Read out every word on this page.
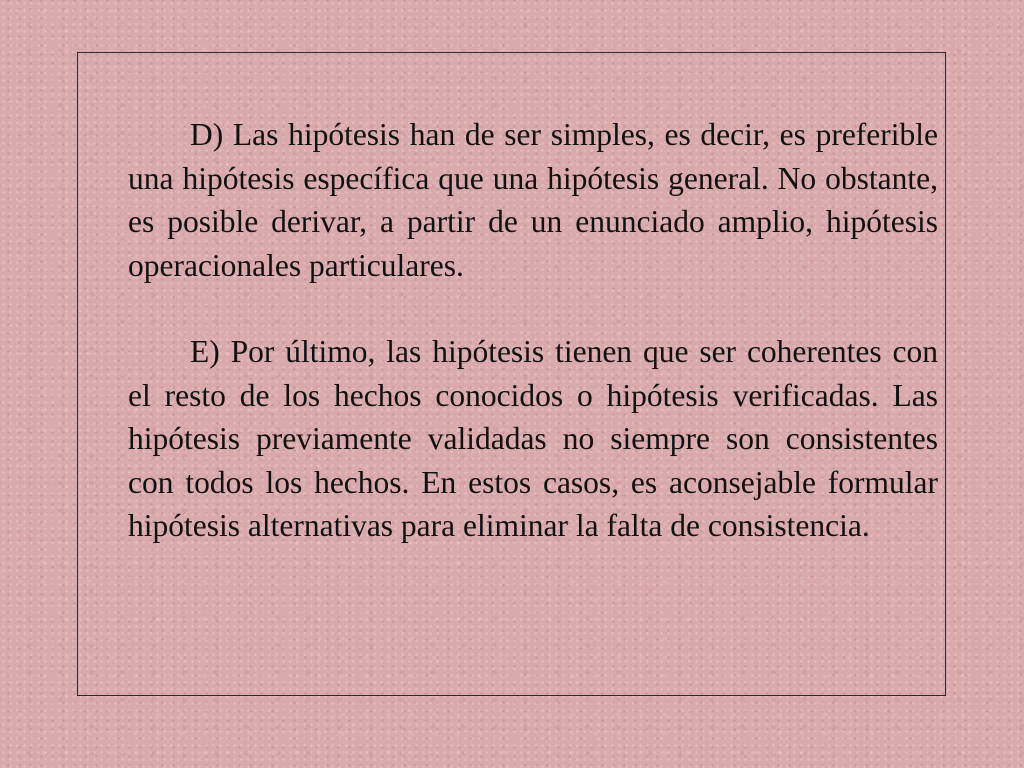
D) Las hipótesis han de ser simples, es decir, es preferible una hipótesis específica que una hipótesis general. No obstante, es posible derivar, a partir de un enunciado amplio, hipótesis operacionales particulares.

E) Por último, las hipótesis tienen que ser coherentes con el resto de los hechos conocidos o hipótesis verificadas. Las hipótesis previamente validadas no siempre son consistentes con todos los hechos. En estos casos, es aconsejable formular hipótesis alternativas para eliminar la falta de consistencia.
